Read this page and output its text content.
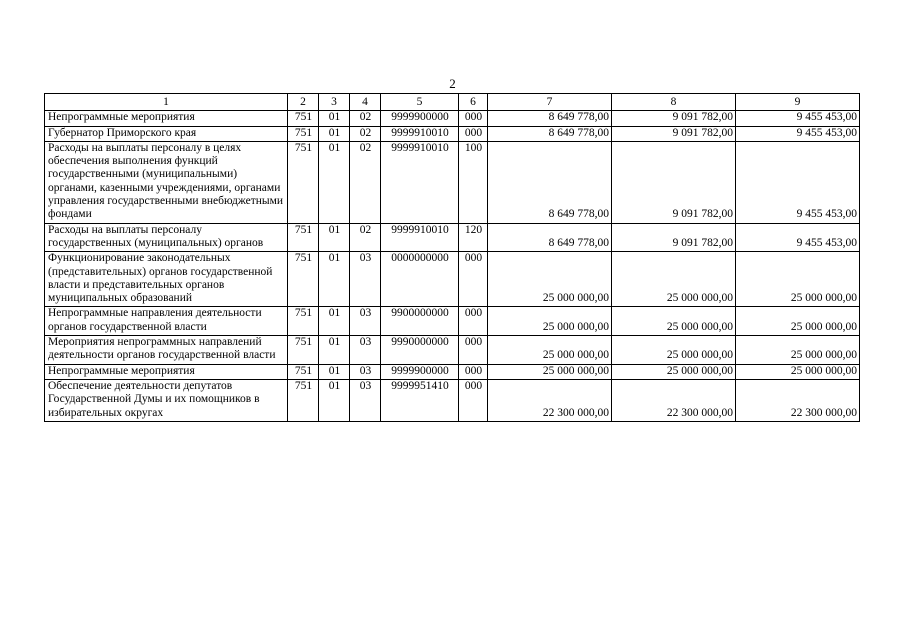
2
1	2	3	4	5	6	7	8	9
Непрограммные мероприятия	751	01	02	9999900000	000	8 649 778,00	9 091 782,00	9 455 453,00
Губернатор Приморского края	751	01	02	9999910010	000	8 649 778,00	9 091 782,00	9 455 453,00
Расходы на выплаты персоналу в целях обеспечения выполнения функций государственными (муниципальными) органами, казенными учреждениями, органами управления государственными внебюджетными фондами	751	01	02	9999910010	100	8 649 778,00	9 091 782,00	9 455 453,00
Расходы на выплаты персоналу государственных (муниципальных) органов	751	01	02	9999910010	120	8 649 778,00	9 091 782,00	9 455 453,00
Функционирование законодательных (представительных) органов государственной власти и представительных органов муниципальных образований	751	01	03	0000000000	000	25 000 000,00	25 000 000,00	25 000 000,00
Непрограммные направления деятельности органов государственной власти	751	01	03	9900000000	000	25 000 000,00	25 000 000,00	25 000 000,00
Мероприятия непрограммных направлений деятельности органов государственной власти	751	01	03	9990000000	000	25 000 000,00	25 000 000,00	25 000 000,00
Непрограммные мероприятия	751	01	03	9999900000	000	25 000 000,00	25 000 000,00	25 000 000,00
Обеспечение деятельности депутатов Государственной Думы и их помощников в избирательных округах	751	01	03	9999951410	000	22 300 000,00	22 300 000,00	22 300 000,00
